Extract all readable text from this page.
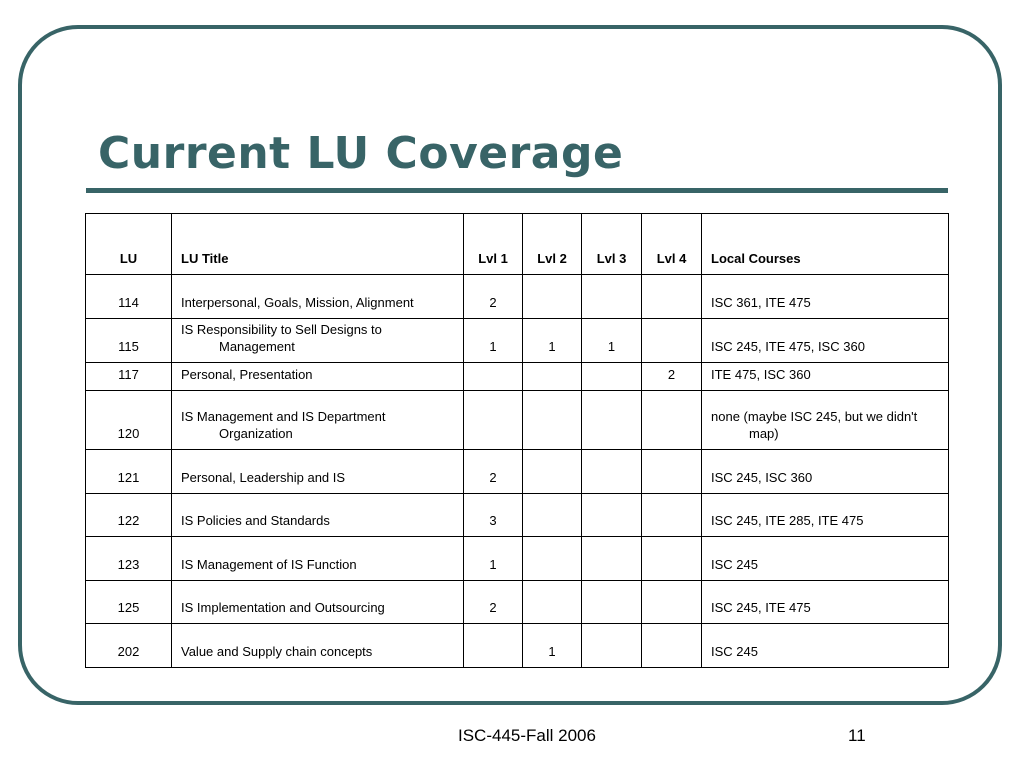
Current LU Coverage
LU	LU Title	Lvl 1	Lvl 2	Lvl 3	Lvl 4	Local Courses
114	Interpersonal, Goals, Mission, Alignment	2				ISC 361, ITE 475

115	IS Responsibility to Sell Designs to
Management	1	1	1		ISC 245, ITE 475, ISC 360

117	Personal, Presentation				2	ITE 475, ISC 360

120	IS Management and IS Department
Organization					none (maybe ISC 245, but we didn't
map)

121	Personal, Leadership and IS	2				ISC 245, ISC 360

122	IS Policies and Standards	3				ISC 245, ITE 285, ITE 475

123	IS Management of IS Function	1				ISC 245

125	IS Implementation and Outsourcing	2				ISC 245, ITE 475

202	Value and Supply chain concepts		1			ISC 245
ISC-445-Fall 2006	11
